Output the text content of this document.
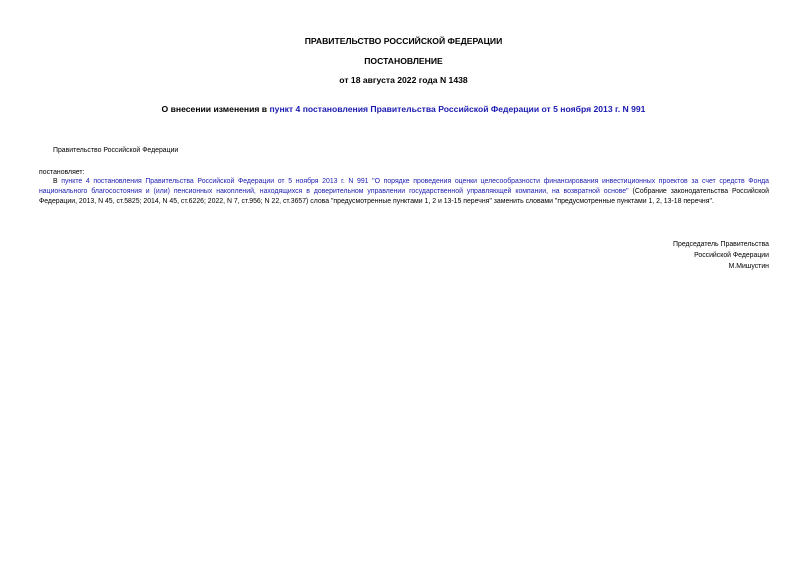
ПРАВИТЕЛЬСТВО РОССИЙСКОЙ ФЕДЕРАЦИИ
ПОСТАНОВЛЕНИЕ
от 18 августа 2022 года N 1438
О внесении изменения в пункт 4 постановления Правительства Российской Федерации от 5 ноября 2013 г. N 991
Правительство Российской Федерации
постановляет:
В пункте 4 постановления Правительства Российской Федерации от 5 ноября 2013 г. N 991 "О порядке проведения оценки целесообразности финансирования инвестиционных проектов за счет средств Фонда национального благосостояния и (или) пенсионных накоплений, находящихся в доверительном управлении государственной управляющей компании, на возвратной основе" (Собрание законодательства Российской Федерации, 2013, N 45, ст.5825; 2014, N 45, ст.6226; 2022, N 7, ст.956; N 22, ст.3657) слова "предусмотренные пунктами 1, 2 и 13-15 перечня" заменить словами "предусмотренные пунктами 1, 2, 13-18 перечня".
Председатель Правительства
Российской Федерации
М.Мишустин
